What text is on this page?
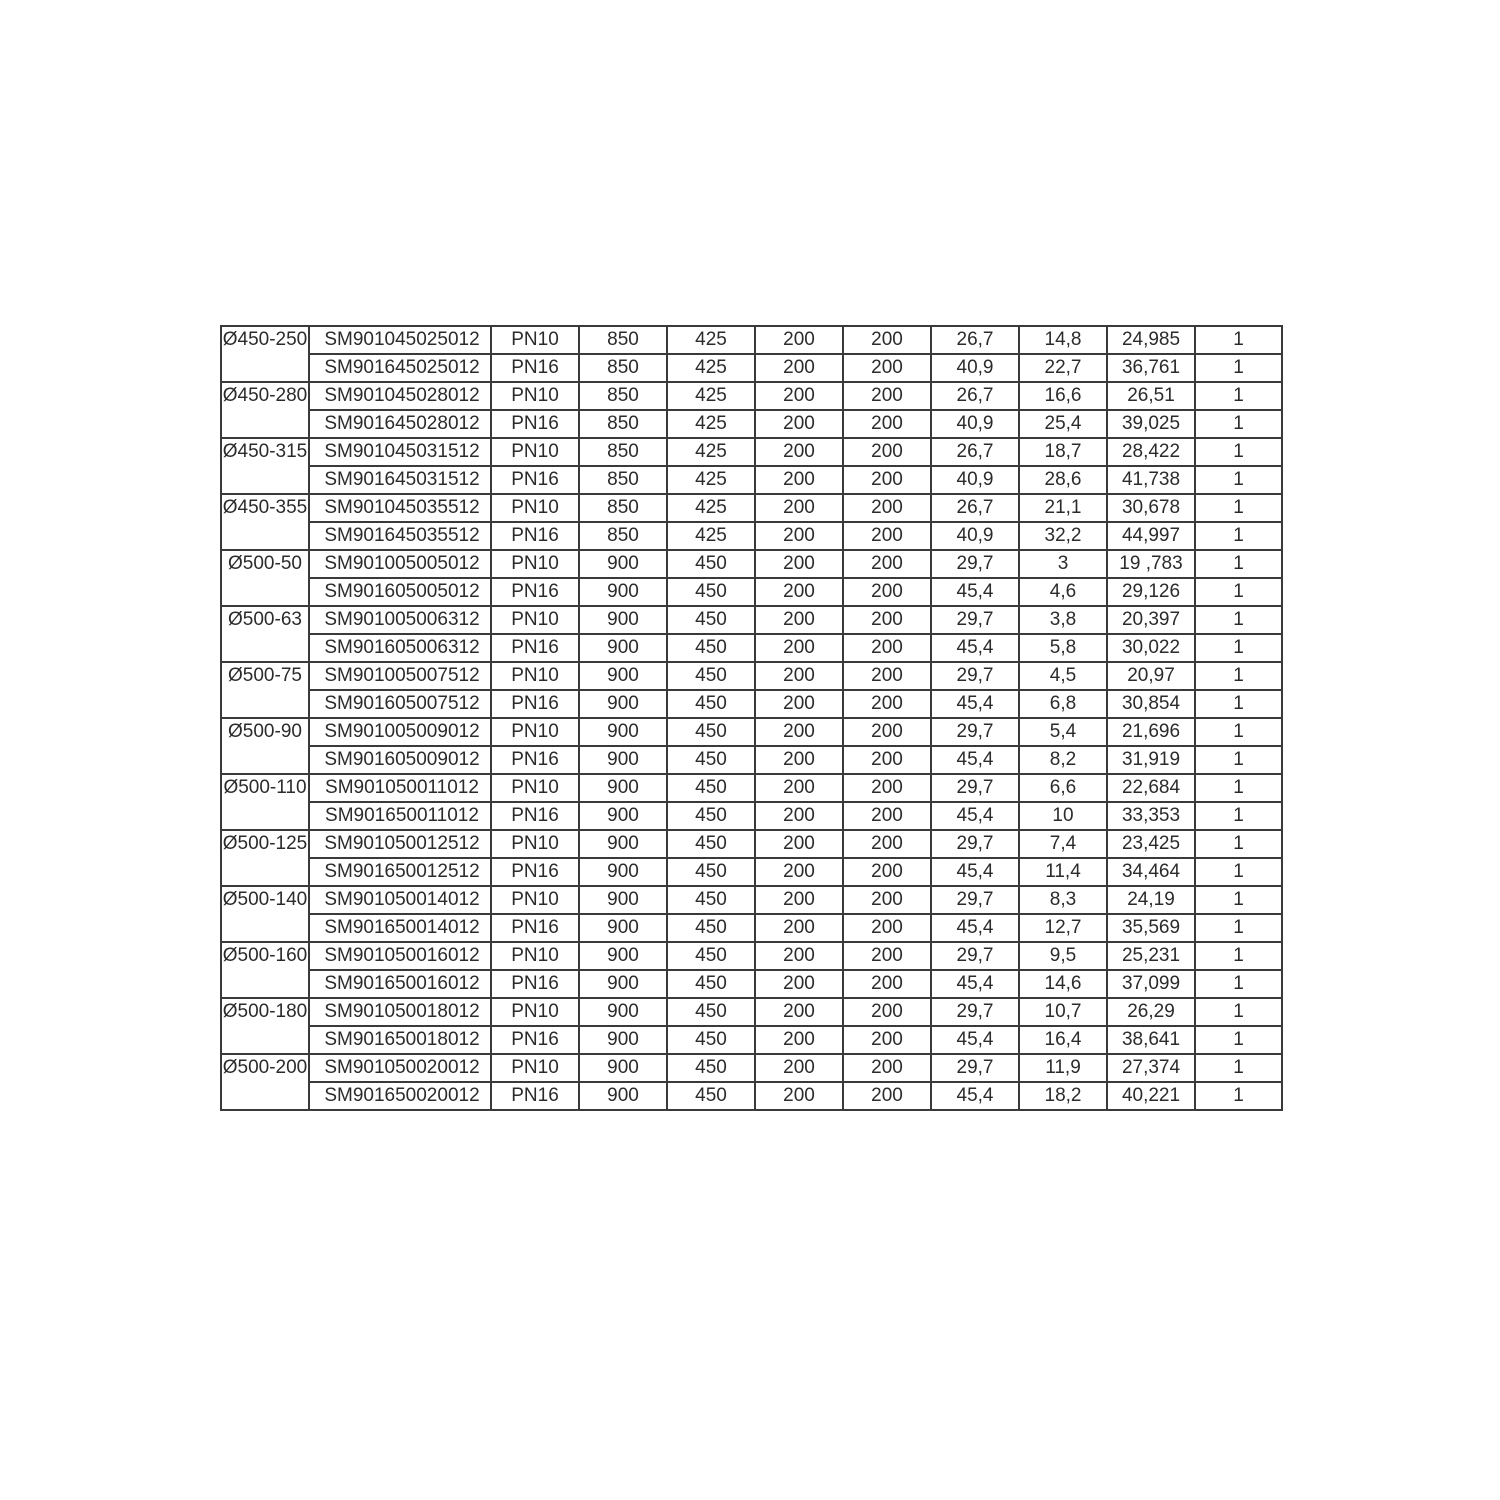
Ø450-250	SM901045025012	PN10	850	425	200	200	26,7	14,8	24,985	1
	SM901645025012	PN16	850	425	200	200	40,9	22,7	36,761	1
Ø450-280	SM901045028012	PN10	850	425	200	200	26,7	16,6	26,51	1
	SM901645028012	PN16	850	425	200	200	40,9	25,4	39,025	1
Ø450-315	SM901045031512	PN10	850	425	200	200	26,7	18,7	28,422	1
	SM901645031512	PN16	850	425	200	200	40,9	28,6	41,738	1
Ø450-355	SM901045035512	PN10	850	425	200	200	26,7	21,1	30,678	1
	SM901645035512	PN16	850	425	200	200	40,9	32,2	44,997	1
Ø500-50	SM901005005012	PN10	900	450	200	200	29,7	3	19 ,783	1
	SM901605005012	PN16	900	450	200	200	45,4	4,6	29,126	1
Ø500-63	SM901005006312	PN10	900	450	200	200	29,7	3,8	20,397	1
	SM901605006312	PN16	900	450	200	200	45,4	5,8	30,022	1
Ø500-75	SM901005007512	PN10	900	450	200	200	29,7	4,5	20,97	1
	SM901605007512	PN16	900	450	200	200	45,4	6,8	30,854	1
Ø500-90	SM901005009012	PN10	900	450	200	200	29,7	5,4	21,696	1
	SM901605009012	PN16	900	450	200	200	45,4	8,2	31,919	1
Ø500-110	SM901050011012	PN10	900	450	200	200	29,7	6,6	22,684	1
	SM901650011012	PN16	900	450	200	200	45,4	10	33,353	1
Ø500-125	SM901050012512	PN10	900	450	200	200	29,7	7,4	23,425	1
	SM901650012512	PN16	900	450	200	200	45,4	11,4	34,464	1
Ø500-140	SM901050014012	PN10	900	450	200	200	29,7	8,3	24,19	1
	SM901650014012	PN16	900	450	200	200	45,4	12,7	35,569	1
Ø500-160	SM901050016012	PN10	900	450	200	200	29,7	9,5	25,231	1
	SM901650016012	PN16	900	450	200	200	45,4	14,6	37,099	1
Ø500-180	SM901050018012	PN10	900	450	200	200	29,7	10,7	26,29	1
	SM901650018012	PN16	900	450	200	200	45,4	16,4	38,641	1
Ø500-200	SM901050020012	PN10	900	450	200	200	29,7	11,9	27,374	1
	SM901650020012	PN16	900	450	200	200	45,4	18,2	40,221	1
